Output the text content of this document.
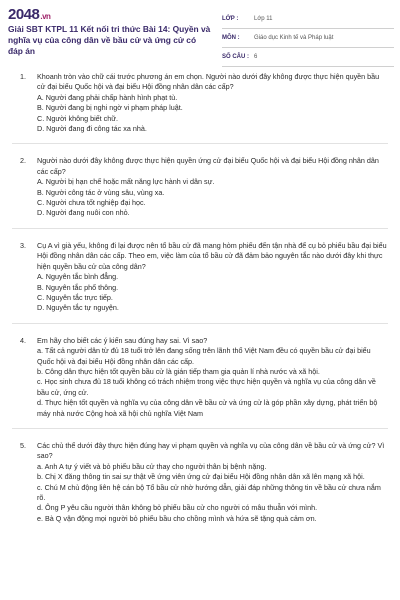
2048.vn
Giải SBT KTPL 11 Kết nối tri thức Bài 14: Quyền và nghĩa vụ của công dân về bầu cử và ứng cử có đáp án
LỚP :	Lớp 11
MÔN :	Giáo dục Kinh tế và Pháp luật
SỐ CÂU : 6
1. Khoanh tròn vào chữ cái trước phương án em chọn. Người nào dưới đây không được thực hiện quyền bầu cử đại biểu Quốc hội và đại biểu Hội đồng nhân dân các cấp?

A. Người đang phải chấp hành hình phạt tù.

B. Người đang bị nghi ngờ vi phạm pháp luật.

C. Người không biết chữ.

D. Người đang đi công tác xa nhà.

2. Người nào dưới đây không được thực hiện quyền ứng cử đại biểu Quốc hội và đại biểu Hội đồng nhân dân các cấp?

A. Người bị hạn chế hoặc mất năng lực hành vi dân sự.

B. Người công tác ở vùng sâu, vùng xa.

C. Người chưa tốt nghiệp đại học.

D. Người đang nuôi con nhỏ.

3. Cụ A vì già yếu, không đi lại được nên tổ bầu cử đã mang hòm phiếu đến tận nhà để cụ bỏ phiếu bầu đại biểu Hội đồng nhân dân các cấp. Theo em, việc làm của tổ bầu cử đã đảm bảo nguyên tắc nào dưới đây khi thực hiện quyền bầu cử của công dân?

A. Nguyên tắc bình đẳng.

B. Nguyên tắc phổ thông.

C. Nguyên tắc trực tiếp.

D. Nguyên tắc tự nguyện.

4. Em hãy cho biết các ý kiến sau đúng hay sai. Vì sao?

a. Tất cả người dân từ đủ 18 tuổi trở lên đang sống trên lãnh thổ Việt Nam đều có quyền bầu cử đại biểu Quốc hội và đại biểu Hội đồng nhân dân các cấp.

b. Công dân thực hiện tốt quyền bầu cử là gián tiếp tham gia quản lí nhà nước và xã hội.

c. Học sinh chưa đủ 18 tuổi không có trách nhiệm trong việc thực hiện quyền và nghĩa vụ của công dân về bầu cử, ứng cử.

d. Thực hiện tốt quyền và nghĩa vụ của công dân về bầu cử và ứng cử là góp phần xây dựng, phát triển bộ máy nhà nước Cộng hoà xã hội chủ nghĩa Việt Nam

5. Các chủ thể dưới đây thực hiện đúng hay vi phạm quyền và nghĩa vụ của công dân về bầu cử và ứng cử? Vì sao?

a. Anh A tự ý viết và bỏ phiếu bầu cử thay cho người thân bị bệnh nặng.

b. Chị X đăng thông tin sai sự thật về ứng viên ứng cử đại biểu Hội đồng nhân dân xã lên mạng xã hội.

c. Chú M chủ động liên hệ cán bộ Tổ bầu cử nhờ hướng dẫn, giải đáp những thông tin về bầu cử chưa nắm rõ.

d. Ông P yêu cầu người thân không bỏ phiếu bầu cử cho người có mâu thuẫn với mình.

e. Bà Q vận động mọi người bỏ phiếu bầu cho chồng mình và hứa sẽ tặng quà cảm ơn.
